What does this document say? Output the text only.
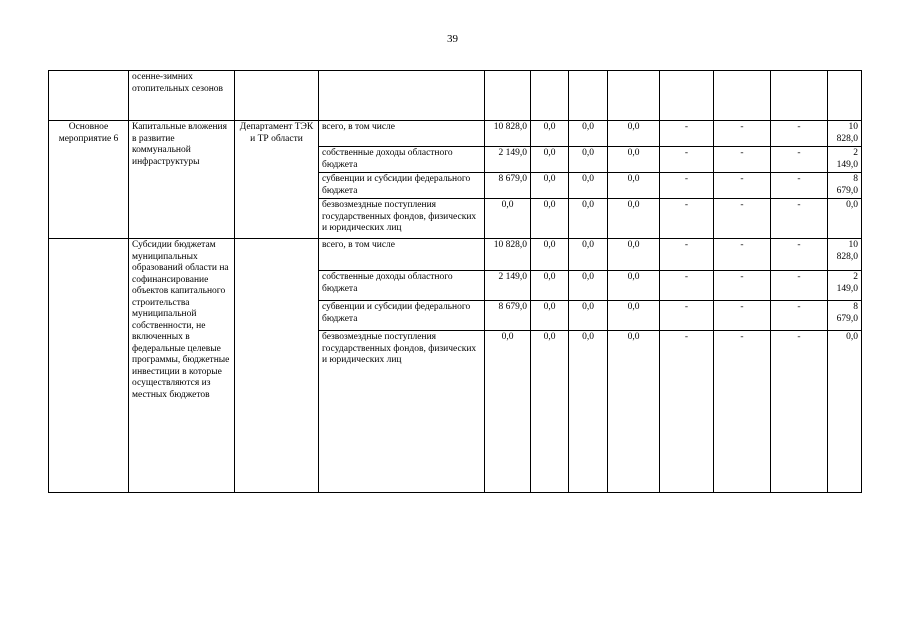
39
	осенне-зимних отопительных сезонов										
Основное мероприятие 6	Капитальные вложения в развитие коммунальной инфраструктуры	Департамент ТЭК и ТР области	всего, в том числе	10 828,0	0,0	0,0	0,0	-	-	-	10 828,0
			собственные доходы областного бюджета	2 149,0	0,0	0,0	0,0	-	-	-	2 149,0
			субвенции и субсидии федерального бюджета	8 679,0	0,0	0,0	0,0	-	-	-	8 679,0
			безвозмездные поступления государственных фондов, физических и юридических лиц	0,0	0,0	0,0	0,0	-	-	-	0,0
	Субсидии бюджетам муниципальных образований области на софинансирование объектов капитального строительства муниципальной собственности, не включенных в федеральные целевые программы, бюджетные инвестиции в которые осуществляются из местных бюджетов		всего, в том числе	10 828,0	0,0	0,0	0,0	-	-	-	10 828,0
			собственные доходы областного бюджета	2 149,0	0,0	0,0	0,0	-	-	-	2 149,0
			субвенции и субсидии федерального бюджета	8 679,0	0,0	0,0	0,0	-	-	-	8 679,0
			безвозмездные поступления государственных фондов, физических и юридических лиц	0,0	0,0	0,0	0,0	-	-	-	0,0
